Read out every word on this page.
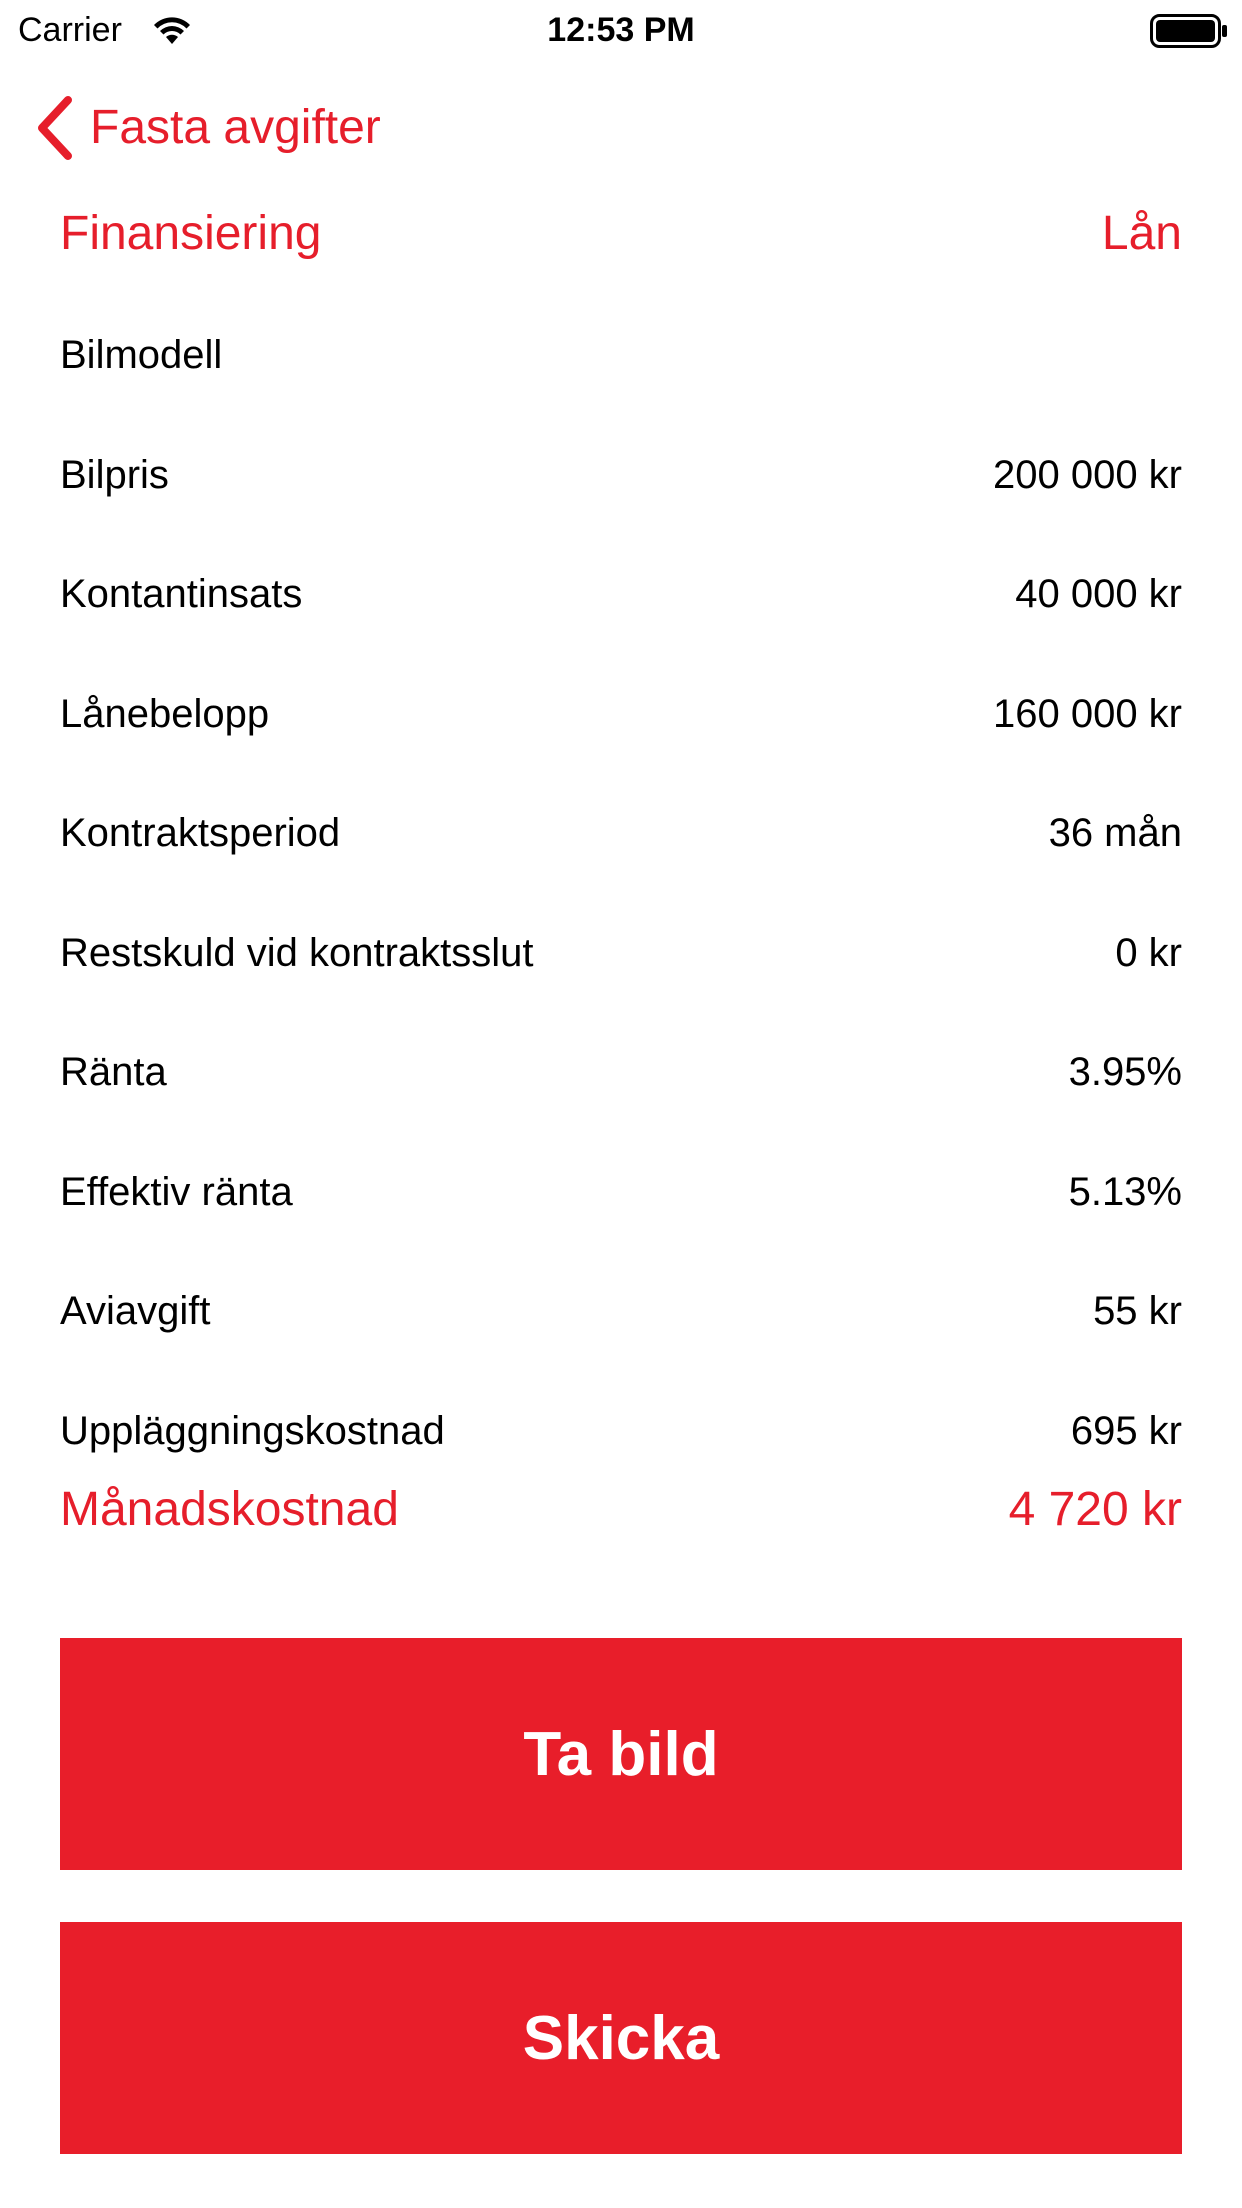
Carrier	12:53 PM
Fasta avgifter
Finansiering	Lån
Bilmodell
Bilpris	200 000 kr
Kontantinsats	40 000 kr
Lånebelopp	160 000 kr
Kontraktsperiod	36 mån
Restskuld vid kontraktsslut	0 kr
Ränta	3.95%
Effektiv ränta	5.13%
Aviavgift	55 kr
Uppläggningskostnad	695 kr
Månadskostnad	4 720 kr
Ta bild
Skicka
